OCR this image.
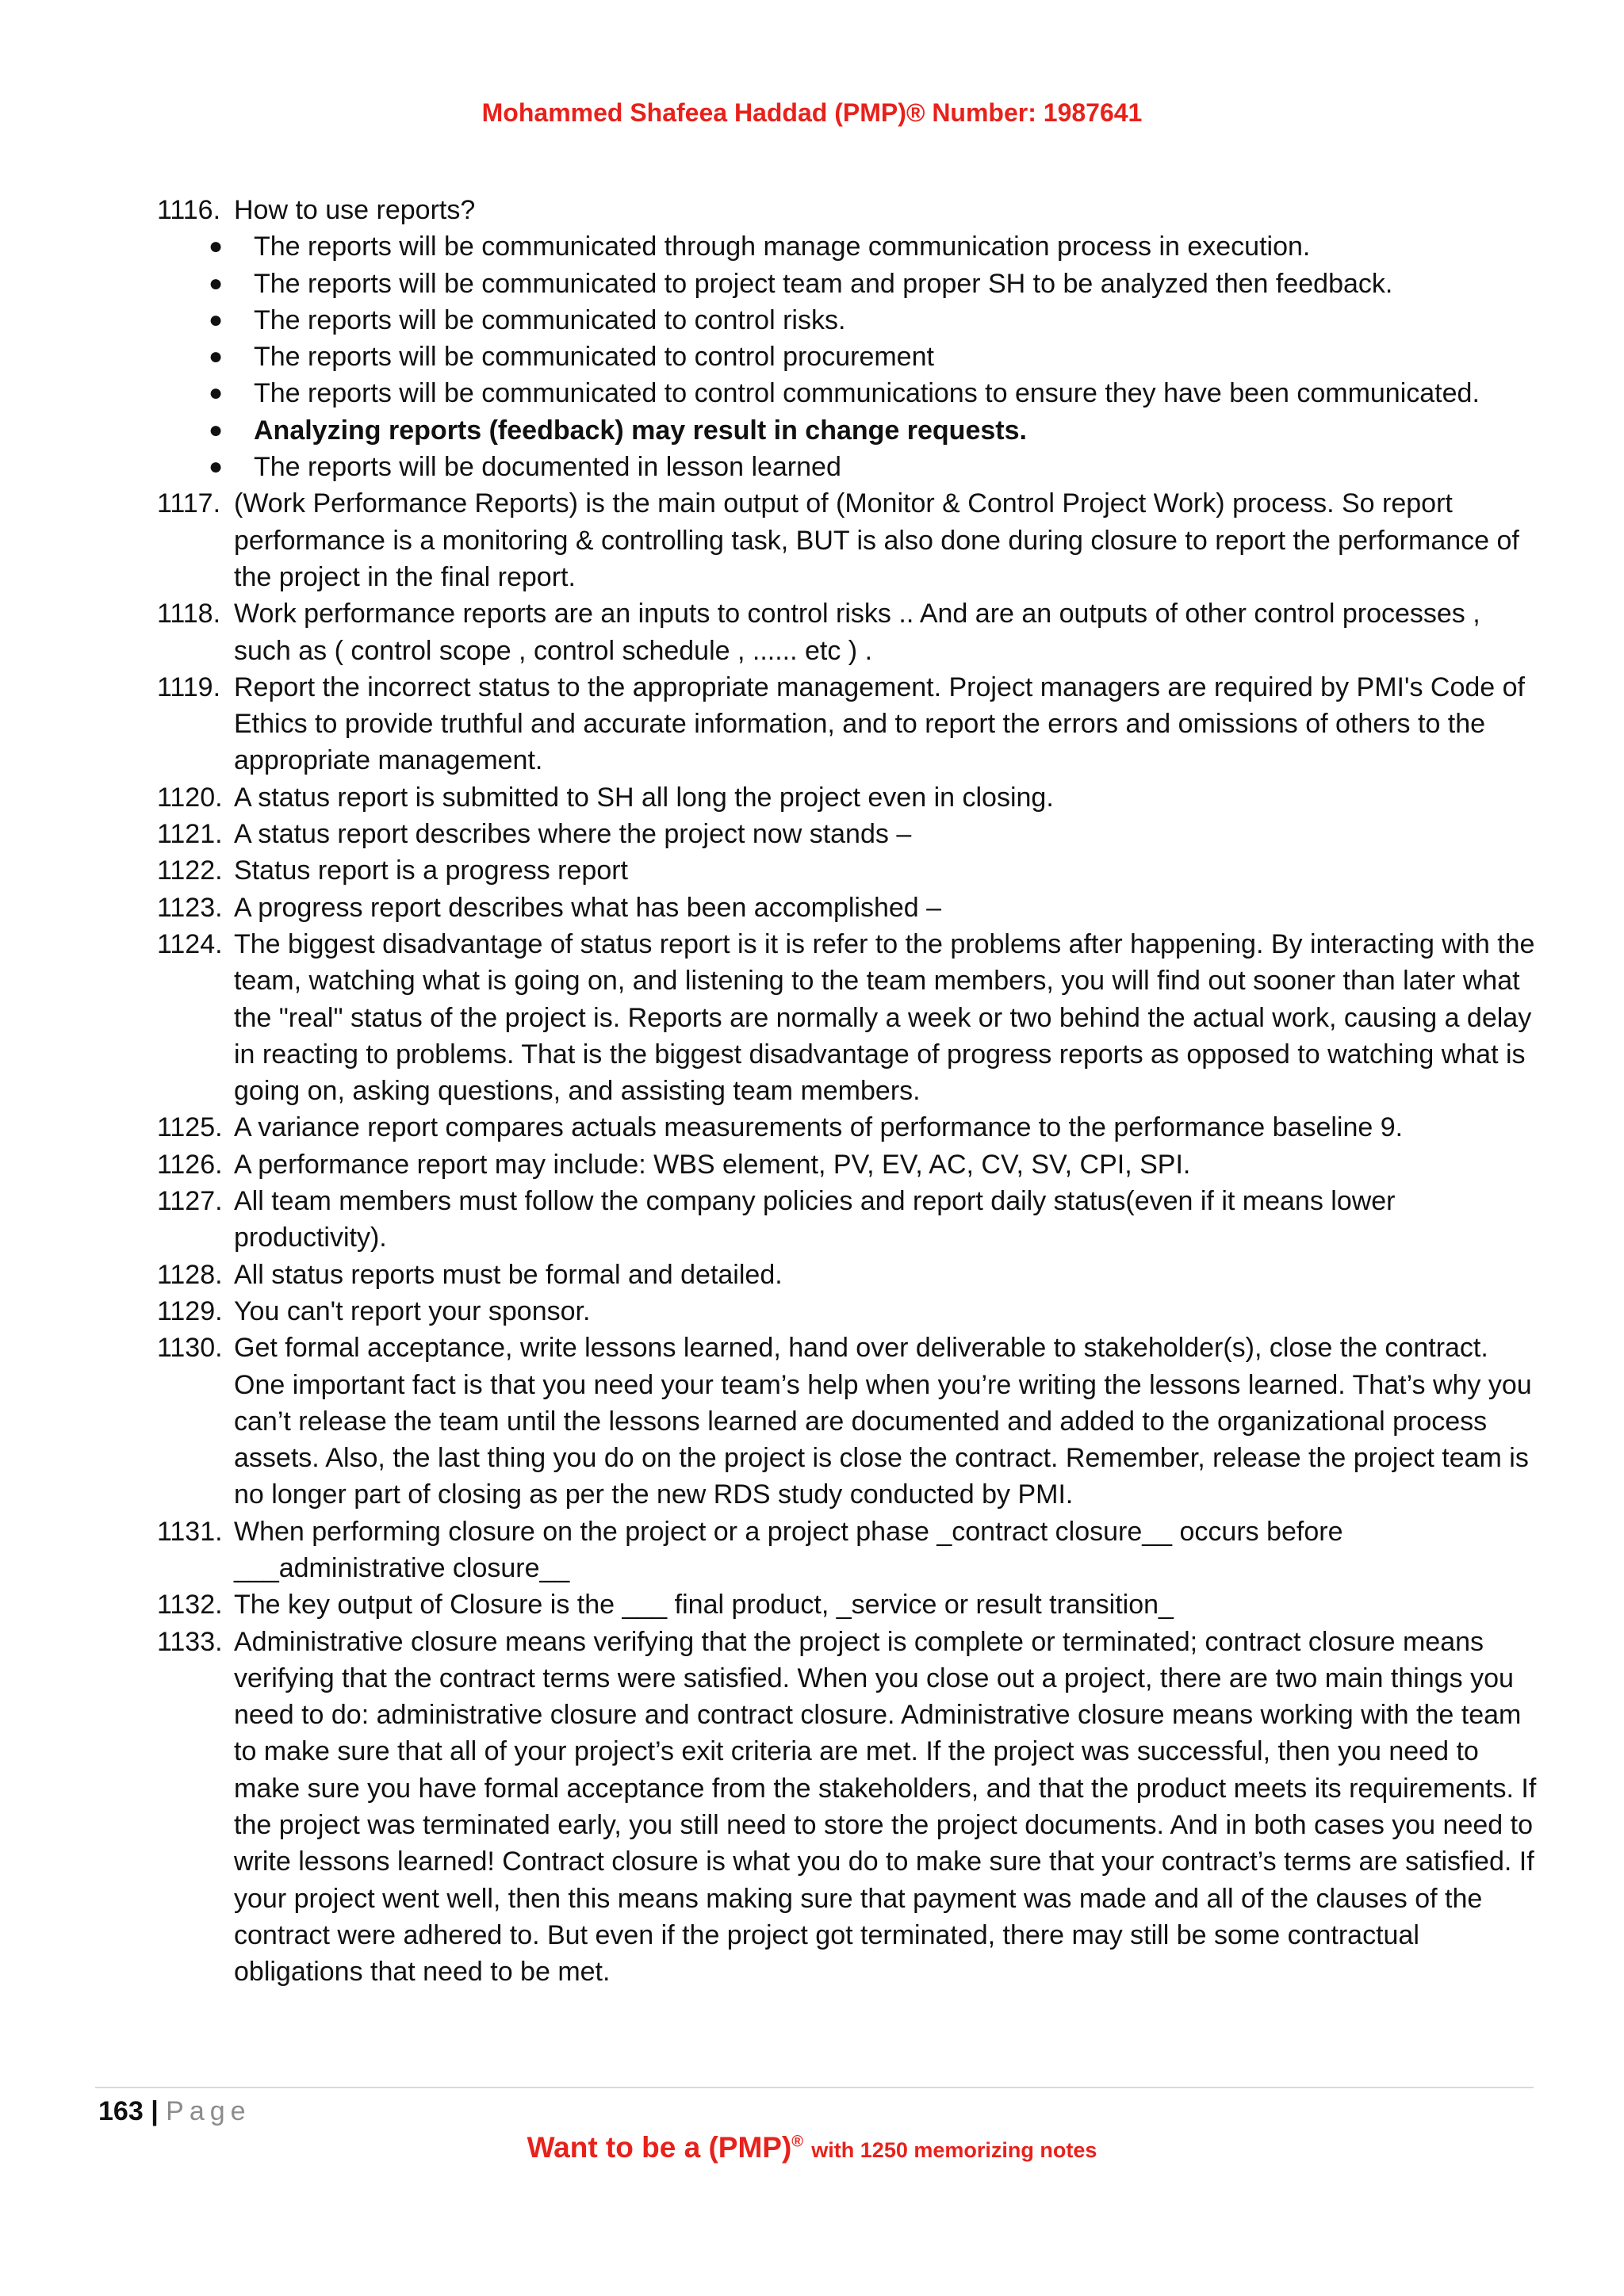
Mohammed Shafeea Haddad (PMP)® Number: 1987641
1116. How to use reports?
● The reports will be communicated through manage communication process in execution.
● The reports will be communicated to project team and proper SH to be analyzed then feedback.
● The reports will be communicated to control risks.
● The reports will be communicated to control procurement
● The reports will be communicated to control communications to ensure they have been communicated.
● Analyzing reports (feedback) may result in change requests.
● The reports will be documented in lesson learned
1117. (Work Performance Reports) is the main output of (Monitor & Control Project Work) process. So report performance is a monitoring & controlling task, BUT is also done during closure to report the performance of the project in the final report.
1118. Work performance reports are an inputs to control risks .. And are an outputs of other control processes , such as ( control scope , control schedule , ...... etc ) .
1119. Report the incorrect status to the appropriate management. Project managers are required by PMI's Code of Ethics to provide truthful and accurate information, and to report the errors and omissions of others to the appropriate management.
1120. A status report is submitted to SH all long the project even in closing.
1121. A status report describes where the project now stands –
1122. Status report is a progress report
1123. A progress report describes what has been accomplished –
1124. The biggest disadvantage of status report is it is refer to the problems after happening. By interacting with the team, watching what is going on, and listening to the team members, you will find out sooner than later what the "real" status of the project is. Reports are normally a week or two behind the actual work, causing a delay in reacting to problems. That is the biggest disadvantage of progress reports as opposed to watching what is going on, asking questions, and assisting team members.
1125. A variance report compares actuals measurements of performance to the performance baseline 9.
1126. A performance report may include: WBS element, PV, EV, AC, CV, SV, CPI, SPI.
1127. All team members must follow the company policies and report daily status(even if it means lower productivity).
1128. All status reports must be formal and detailed.
1129. You can't report your sponsor.
1130. Get formal acceptance, write lessons learned, hand over deliverable to stakeholder(s), close the contract. One important fact is that you need your team’s help when you’re writing the lessons learned. That’s why you can’t release the team until the lessons learned are documented and added to the organizational process assets. Also, the last thing you do on the project is close the contract. Remember, release the project team is no longer part of closing as per the new RDS study conducted by PMI.
1131. When performing closure on the project or a project phase _contract closure__ occurs before ___administrative closure__
1132. The key output of Closure is the ___ final product, _service or result transition_
1133. Administrative closure means verifying that the project is complete or terminated; contract closure means verifying that the contract terms were satisfied. When you close out a project, there are two main things you need to do: administrative closure and contract closure. Administrative closure means working with the team to make sure that all of your project’s exit criteria are met. If the project was successful, then you need to make sure you have formal acceptance from the stakeholders, and that the product meets its requirements. If the project was terminated early, you still need to store the project documents. And in both cases you need to write lessons learned! Contract closure is what you do to make sure that your contract’s terms are satisfied. If your project went well, then this means making sure that payment was made and all of the clauses of the contract were adhered to. But even if the project got terminated, there may still be some contractual obligations that need to be met.
163 | Page
Want to be a (PMP)® with 1250 memorizing notes
